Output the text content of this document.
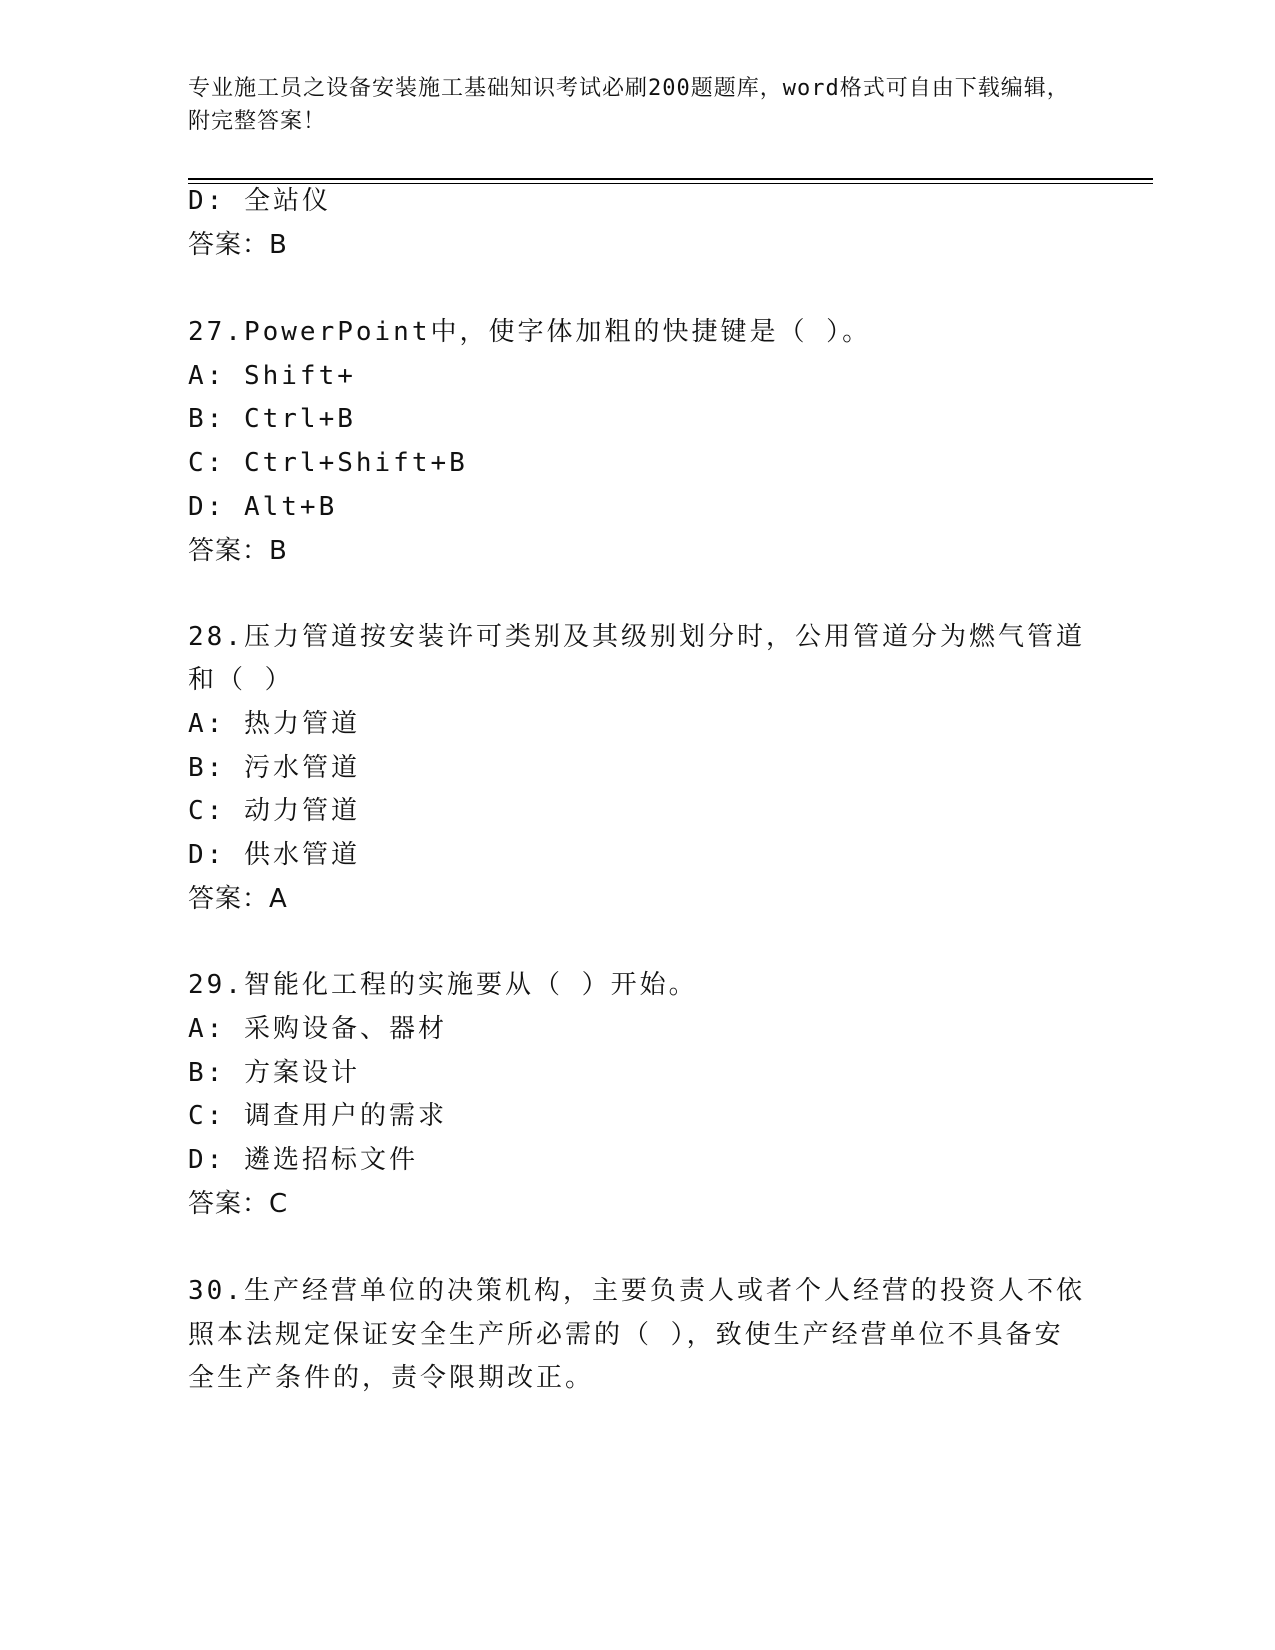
专业施工员之设备安装施工基础知识考试必刷200题题库，word格式可自由下载编辑，附完整答案！
D: 全站仪
答案：B
27.PowerPoint中，使字体加粗的快捷键是（ ）。
A: Shift+
B: Ctrl+B
C: Ctrl+Shift+B
D: Alt+B
答案：B
28.压力管道按安装许可类别及其级别划分时，公用管道分为燃气管道
和（ ）
A: 热力管道
B: 污水管道
C: 动力管道
D: 供水管道
答案：A
29.智能化工程的实施要从（ ）开始。
A: 采购设备、器材
B: 方案设计
C: 调查用户的需求
D: 遴选招标文件
答案：C
30.生产经营单位的决策机构，主要负责人或者个人经营的投资人不依
照本法规定保证安全生产所必需的（ ），致使生产经营单位不具备安
全生产条件的，责令限期改正。
